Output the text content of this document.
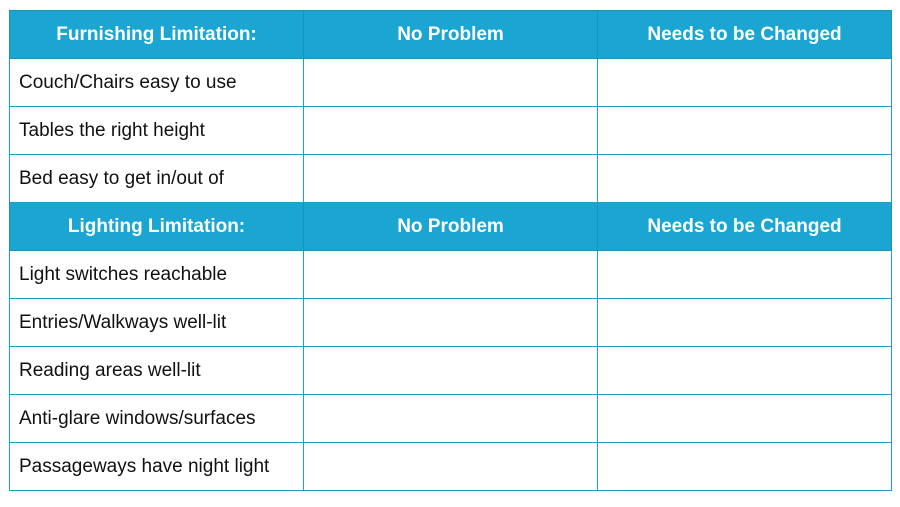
Furnishing Limitation:	No Problem	Needs to be Changed
Couch/Chairs easy to use		
Tables the right height		
Bed easy to get in/out of		
Lighting Limitation:	No Problem	Needs to be Changed
Light switches reachable		
Entries/Walkways well-lit		
Reading areas well-lit		
Anti-glare windows/surfaces		
Passageways have night light		
